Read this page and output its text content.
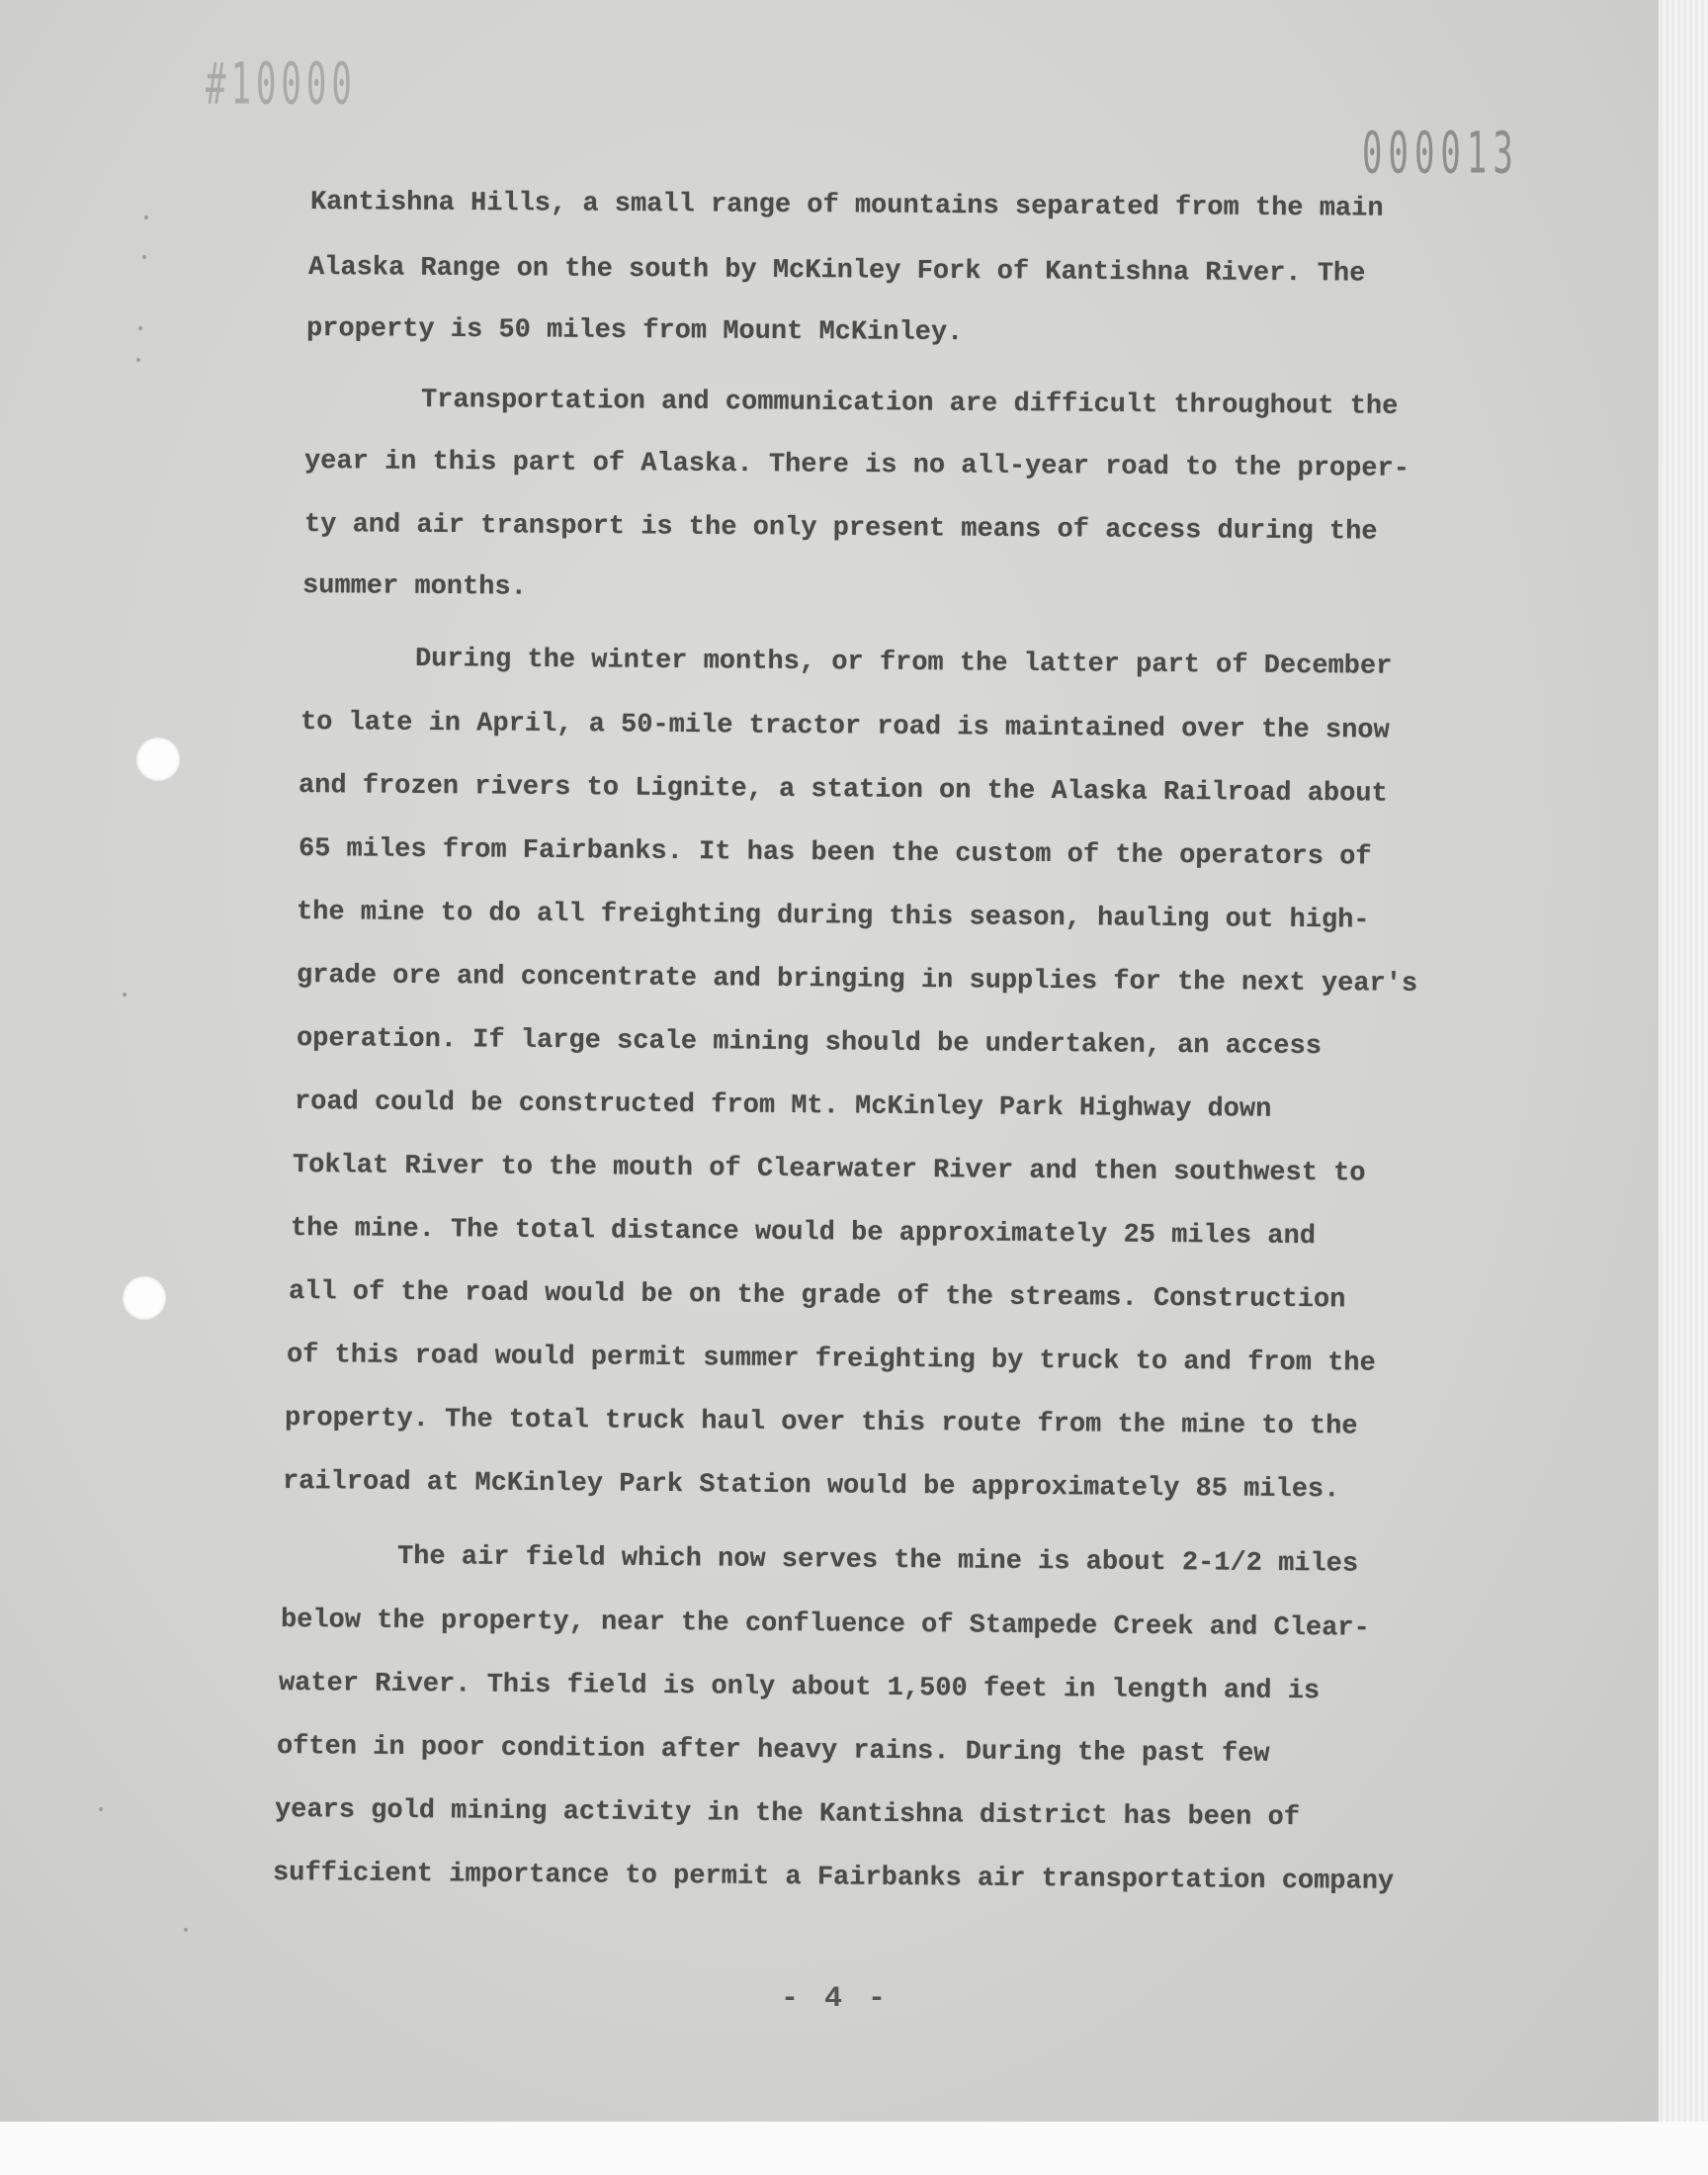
#10000
000013
Kantishna Hills, a small range of mountains separated from the main
Alaska Range on the south by McKinley Fork of Kantishna River. The
property is 50 miles from Mount McKinley.
Transportation and communication are difficult throughout the
year in this part of Alaska. There is no all-year road to the proper-
ty and air transport is the only present means of access during the
summer months.
During the winter months, or from the latter part of December
to late in April, a 50-mile tractor road is maintained over the snow
and frozen rivers to Lignite, a station on the Alaska Railroad about
65 miles from Fairbanks. It has been the custom of the operators of
the mine to do all freighting during this season, hauling out high-
grade ore and concentrate and bringing in supplies for the next year's
operation. If large scale mining should be undertaken, an access
road could be constructed from Mt. McKinley Park Highway down
Toklat River to the mouth of Clearwater River and then southwest to
the mine. The total distance would be approximately 25 miles and
all of the road would be on the grade of the streams. Construction
of this road would permit summer freighting by truck to and from the
property. The total truck haul over this route from the mine to the
railroad at McKinley Park Station would be approximately 85 miles.
The air field which now serves the mine is about 2-1/2 miles
below the property, near the confluence of Stampede Creek and Clear-
water River. This field is only about 1,500 feet in length and is
often in poor condition after heavy rains. During the past few
years gold mining activity in the Kantishna district has been of
sufficient importance to permit a Fairbanks air transportation company
- 4 -
